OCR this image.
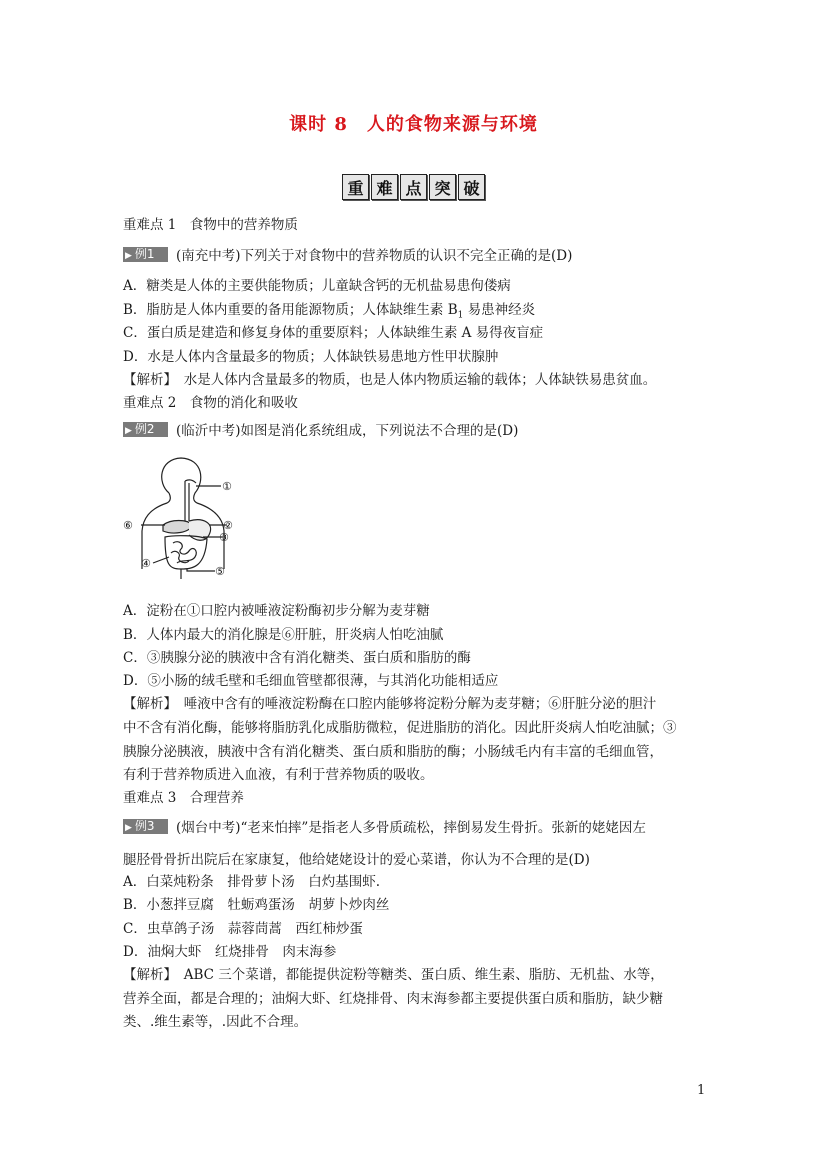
课时 8　人的食物来源与环境
重 难 点 突 破
重难点 1　食物中的营养物质
▶ 例1 (南充中考)下列关于对食物中的营养物质的认识不完全正确的是(D)
A．糖类是人体的主要供能物质；儿童缺含钙的无机盐易患佝偻病
B．脂肪是人体内重要的备用能源物质；人体缺维生素 $B_1$ 易患神经炎
C．蛋白质是建造和修复身体的重要原料；人体缺维生素 A 易得夜盲症
D．水是人体内含量最多的物质；人体缺铁易患地方性甲状腺肿
【解析】　水是人体内含量最多的物质，也是人体内物质运输的载体；人体缺铁易患贫血。
重难点 2　食物的消化和吸收
▶ 例2 (临沂中考)如图是消化系统组成，下列说法不合理的是(D)
①
②
③
④
⑤
⑥
A．淀粉在①口腔内被唾液淀粉酶初步分解为麦芽糖
B．人体内最大的消化腺是⑥肝脏，肝炎病人怕吃油腻
C．③胰腺分泌的胰液中含有消化糖类、蛋白质和脂肪的酶
D．⑤小肠的绒毛壁和毛细血管壁都很薄，与其消化功能相适应
【解析】　唾液中含有的唾液淀粉酶在口腔内能够将淀粉分解为麦芽糖；⑥肝脏分泌的胆汁
中不含有消化酶，能够将脂肪乳化成脂肪微粒，促进脂肪的消化。因此肝炎病人怕吃油腻；③
胰腺分泌胰液，胰液中含有消化糖类、蛋白质和脂肪的酶；小肠绒毛内有丰富的毛细血管，
有利于营养物质进入血液，有利于营养物质的吸收。
重难点 3　合理营养
▶ 例3 (烟台中考)“老来怕摔”是指老人多骨质疏松，摔倒易发生骨折。张新的姥姥因左
腿胫骨骨折出院后在家康复，他给姥姥设计的爱心菜谱，你认为不合理的是(D)
A．白菜炖粉条　排骨萝卜汤　白灼基围虾.
B．小葱拌豆腐　牡蛎鸡蛋汤　胡萝卜炒肉丝
C．虫草鸽子汤　蒜蓉茼蒿　西红柿炒蛋
D．油焖大虾　红烧排骨　肉末海参
【解析】　ABC 三个菜谱，都能提供淀粉等糖类、蛋白质、维生素、脂肪、无机盐、水等，
营养全面，都是合理的；油焖大虾、红烧排骨、肉末海参都主要提供蛋白质和脂肪，缺少糖
类、.维生素等，.因此不合理。
1
